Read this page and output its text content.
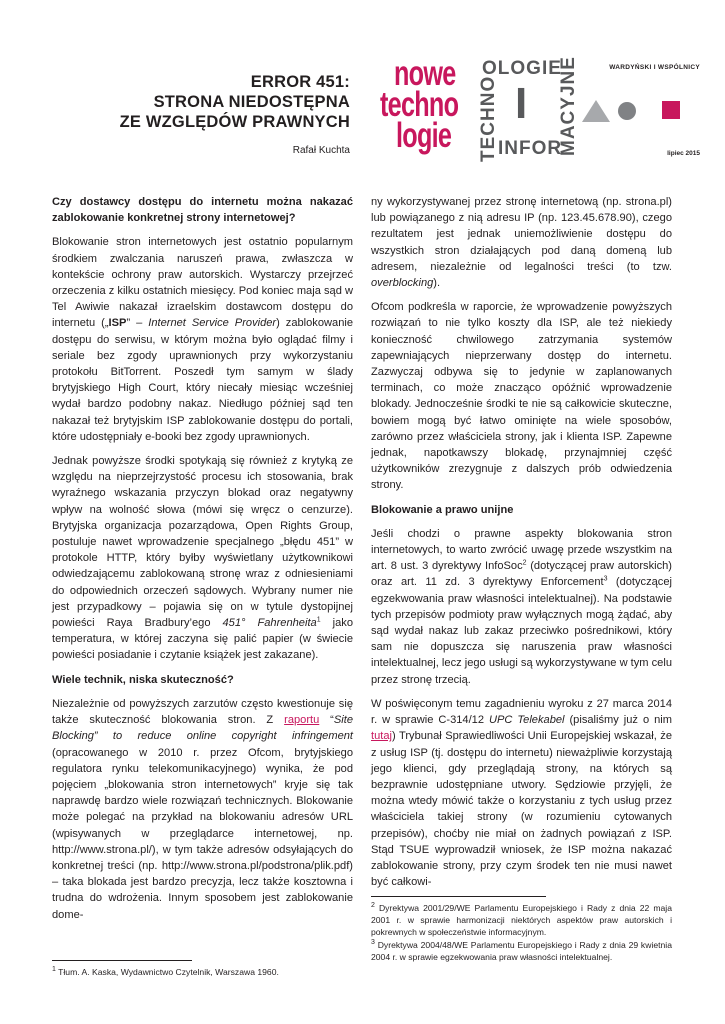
ERROR 451:
STRONA NIEDOSTĘPNA
ZE WZGLĘDÓW PRAWNYCH
Rafał Kuchta
nowe
techno
logie
OLOGIE
TECHNO I
INFOR
MACYJNE	WARDYŃSKI I WSPÓLNICY
lipiec 2015

Czy dostawcy dostępu do internetu można nakazać zablokowanie konkretnej strony internetowej?

Blokowanie stron internetowych jest ostatnio popularnym środkiem zwalczania naruszeń prawa, zwłaszcza w kontekście ochrony praw autorskich. Wystarczy przejrzeć orzeczenia z kilku ostatnich miesięcy. Pod koniec maja sąd w Tel Awiwie nakazał izraelskim dostawcom dostępu do internetu („ISP” – Internet Service Provider) zablokowanie dostępu do serwisu, w którym można było oglądać filmy i seriale bez zgody uprawnionych przy wykorzystaniu protokołu BitTorrent. Poszedł tym samym w ślady brytyjskiego High Court, który niecały miesiąc wcześniej wydał bardzo podobny nakaz. Niedługo później sąd ten nakazał też brytyjskim ISP zablokowanie dostępu do portali, które udostępniały e-booki bez zgody uprawnionych.

Jednak powyższe środki spotykają się również z krytyką ze względu na nieprzejrzystość procesu ich stosowania, brak wyraźnego wskazania przyczyn blokad oraz negatywny wpływ na wolność słowa (mówi się wręcz o cenzurze). Brytyjska organizacja pozarządowa, Open Rights Group, postuluje nawet wprowadzenie specjalnego „błędu 451” w protokole HTTP, który byłby wyświetlany użytkownikowi odwiedzającemu zablokowaną stronę wraz z odniesieniami do odpowiednich orzeczeń sądowych. Wybrany numer nie jest przypadkowy – pojawia się on w tytule dystopijnej powieści Raya Bradbury’ego 451° Fahrenheita$^1$ jako temperatura, w której zaczyna się palić papier (w świecie powieści posiadanie i czytanie książek jest zakazane).

Wiele technik, niska skuteczność?

Niezależnie od powyższych zarzutów często kwestionuje się także skuteczność blokowania stron. Z raportu “Site Blocking” to reduce online copyright infringement (opracowanego w 2010 r. przez Ofcom, brytyjskiego regulatora rynku telekomunikacyjnego) wynika, że pod pojęciem „blokowania stron internetowych” kryje się tak naprawdę bardzo wiele rozwiązań technicznych. Blokowanie może polegać na przykład na blokowaniu adresów URL (wpisywanych w przeglądarce internetowej, np. http://www.strona.pl/), w tym także adresów odsyłających do konkretnej treści (np. http://www.strona.pl/podstrona/plik.pdf) – taka blokada jest bardzo precyzja, lecz także kosztowna i trudna do wdrożenia. Innym sposobem jest zablokowanie dome-

$^1$ Tłum. A. Kaska, Wydawnictwo Czytelnik, Warszawa 1960.

ny wykorzystywanej przez stronę internetową (np. strona.pl) lub powiązanego z nią adresu IP (np. 123.45.678.90), czego rezultatem jest jednak uniemożliwienie dostępu do wszystkich stron działających pod daną domeną lub adresem, niezależnie od legalności treści (to tzw. overblocking).

Ofcom podkreśla w raporcie, że wprowadzenie powyższych rozwiązań to nie tylko koszty dla ISP, ale też niekiedy konieczność chwilowego zatrzymania systemów zapewniających nieprzerwany dostęp do internetu. Zazwyczaj odbywa się to jedynie w zaplanowanych terminach, co może znacząco opóźnić wprowadzenie blokady. Jednocześnie środki te nie są całkowicie skuteczne, bowiem mogą być łatwo ominięte na wiele sposobów, zarówno przez właściciela strony, jak i klienta ISP. Zapewne jednak, napotkawszy blokadę, przynajmniej część użytkowników zrezygnuje z dalszych prób odwiedzenia strony.

Blokowanie a prawo unijne

Jeśli chodzi o prawne aspekty blokowania stron internetowych, to warto zwrócić uwagę przede wszystkim na art. 8 ust. 3 dyrektywy InfoSoc$^2$ (dotyczącej praw autorskich) oraz art. 11 zd. 3 dyrektywy Enforcement$^3$ (dotyczącej egzekwowania praw własności intelektualnej). Na podstawie tych przepisów podmioty praw wyłącznych mogą żądać, aby sąd wydał nakaz lub zakaz przeciwko pośrednikowi, który sam nie dopuszcza się naruszenia praw własności intelektualnej, lecz jego usługi są wykorzystywane w tym celu przez stronę trzecią.

W poświęconym temu zagadnieniu wyroku z 27 marca 2014 r. w sprawie C-314/12 UPC Telekabel (pisaliśmy już o nim tutaj) Trybunał Sprawiedliwości Unii Europejskiej wskazał, że z usług ISP (tj. dostępu do internetu) nieważpliwie korzystają jego klienci, gdy przeglądają strony, na których są bezprawnie udostępniane utwory. Sędziowie przyjęli, że można wtedy mówić także o korzystaniu z tych usług przez właściciela takiej strony (w rozumieniu cytowanych przepisów), choćby nie miał on żadnych powiązań z ISP. Stąd TSUE wyprowadził wniosek, że ISP można nakazać zablokowanie strony, przy czym środek ten nie musi nawet być całkowi-

$^2$ Dyrektywa 2001/29/WE Parlamentu Europejskiego i Rady z dnia 22 maja 2001 r. w sprawie harmonizacji niektórych aspektów praw autorskich i pokrewnych w społeczeństwie informacyjnym.

$^3$ Dyrektywa 2004/48/WE Parlamentu Europejskiego i Rady z dnia 29 kwietnia 2004 r. w sprawie egzekwowania praw własności intelektualnej.
